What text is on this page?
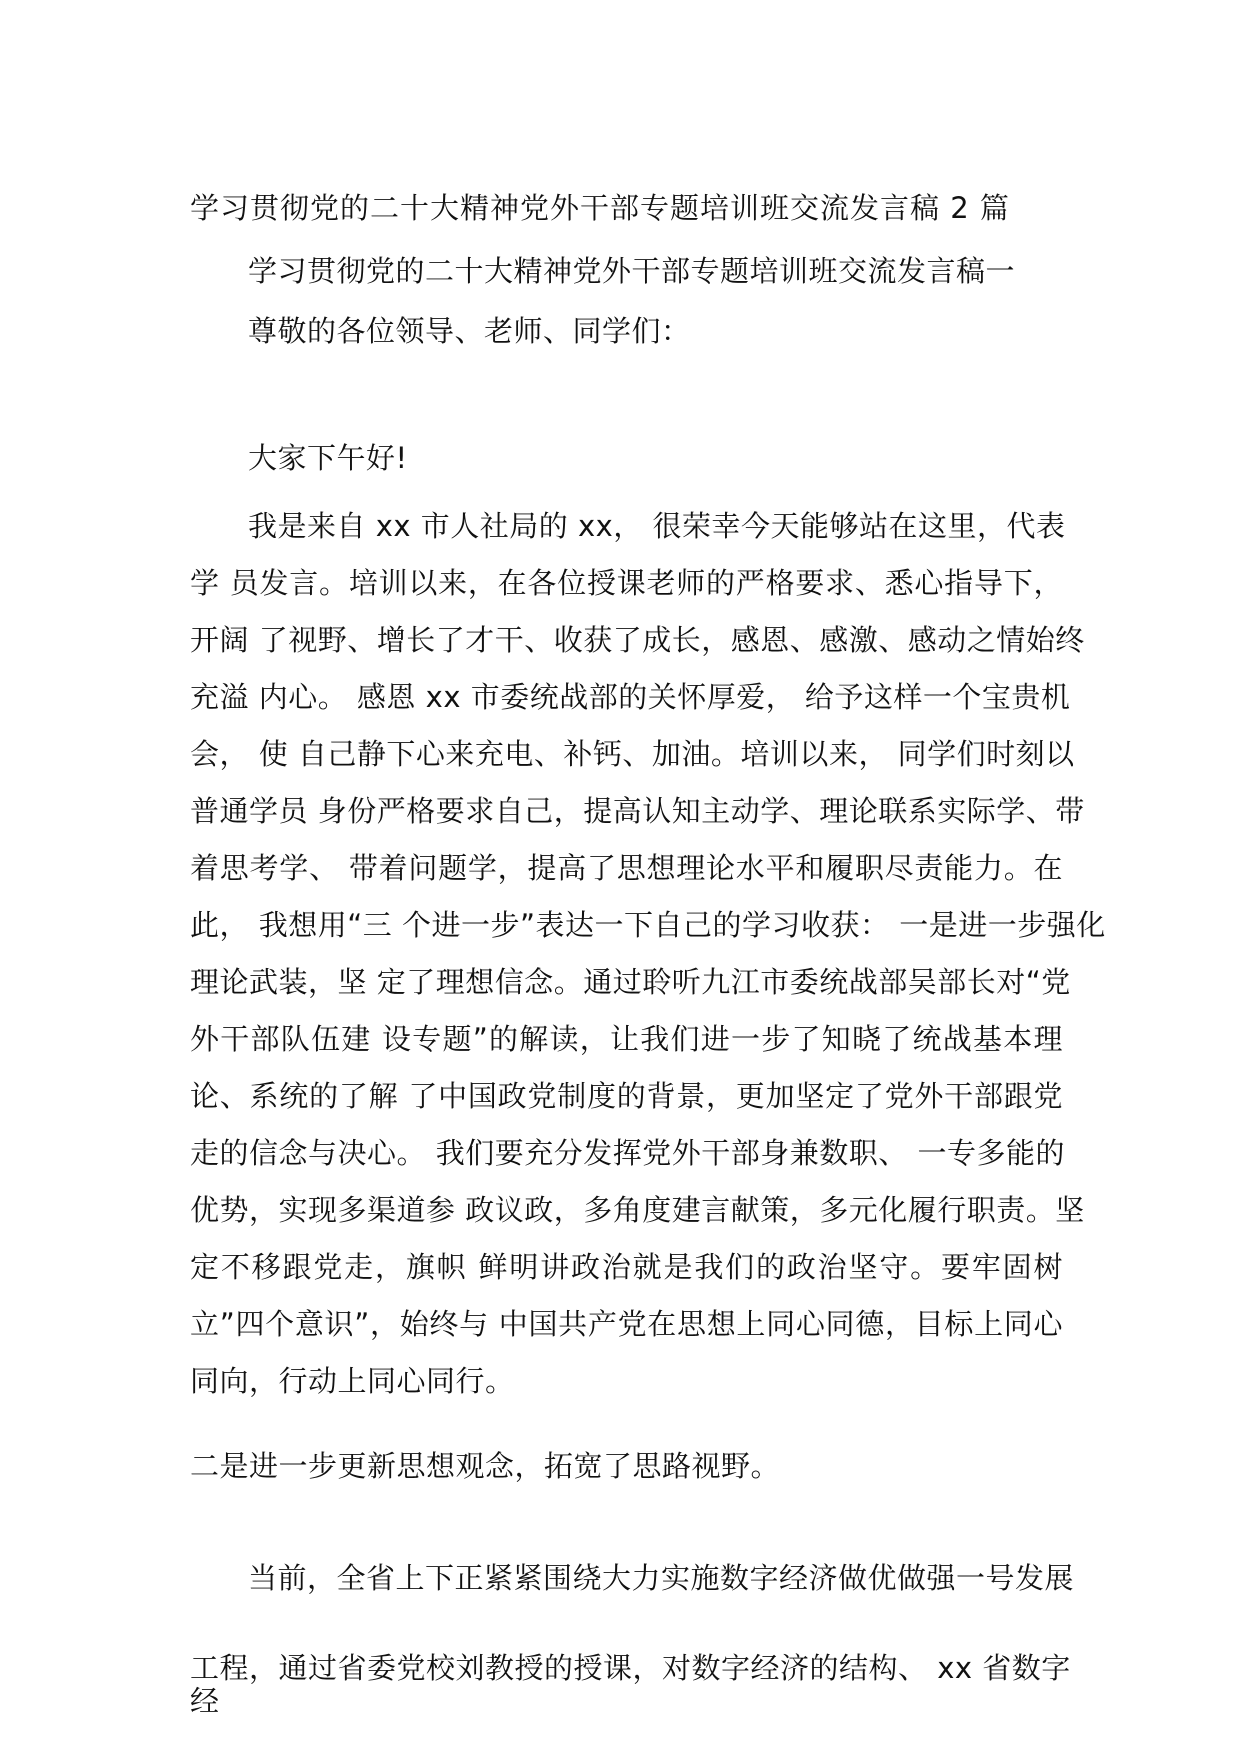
学习贯彻党的二十大精神党外干部专题培训班交流发言稿 2 篇
学习贯彻党的二十大精神党外干部专题培训班交流发言稿一
尊敬的各位领导、老师、同学们：
大家下午好!
我是来自 xx 市人社局的 xx， 很荣幸今天能够站在这里，代表
学 员发言。培训以来，在各位授课老师的严格要求、悉心指导下，
开阔 了视野、增长了才干、收获了成长，感恩、感激、感动之情始终
充溢 内心。 感恩 xx 市委统战部的关怀厚爱， 给予这样一个宝贵机
会， 使 自己静下心来充电、补钙、加油。培训以来， 同学们时刻以
普通学员 身份严格要求自己，提高认知主动学、理论联系实际学、带
着思考学、 带着问题学，提高了思想理论水平和履职尽责能力。在
此， 我想用“三 个进一步”表达一下自己的学习收获： 一是进一步强化
理论武装，坚 定了理想信念。通过聆听九江市委统战部吴部长对“党
外干部队伍建 设专题”的解读，让我们进一步了知晓了统战基本理
论、系统的了解 了中国政党制度的背景，更加坚定了党外干部跟党
走的信念与决心。 我们要充分发挥党外干部身兼数职、 一专多能的
优势，实现多渠道参 政议政，多角度建言献策，多元化履行职责。坚
定不移跟党走，旗帜 鲜明讲政治就是我们的政治坚守。要牢固树
立”四个意识”，始终与 中国共产党在思想上同心同德，目标上同心
同向，行动上同心同行。
二是进一步更新思想观念，拓宽了思路视野。
当前，全省上下正紧紧围绕大力实施数字经济做优做强一号发展
工程，通过省委党校刘教授的授课，对数字经济的结构、 xx 省数字
经
